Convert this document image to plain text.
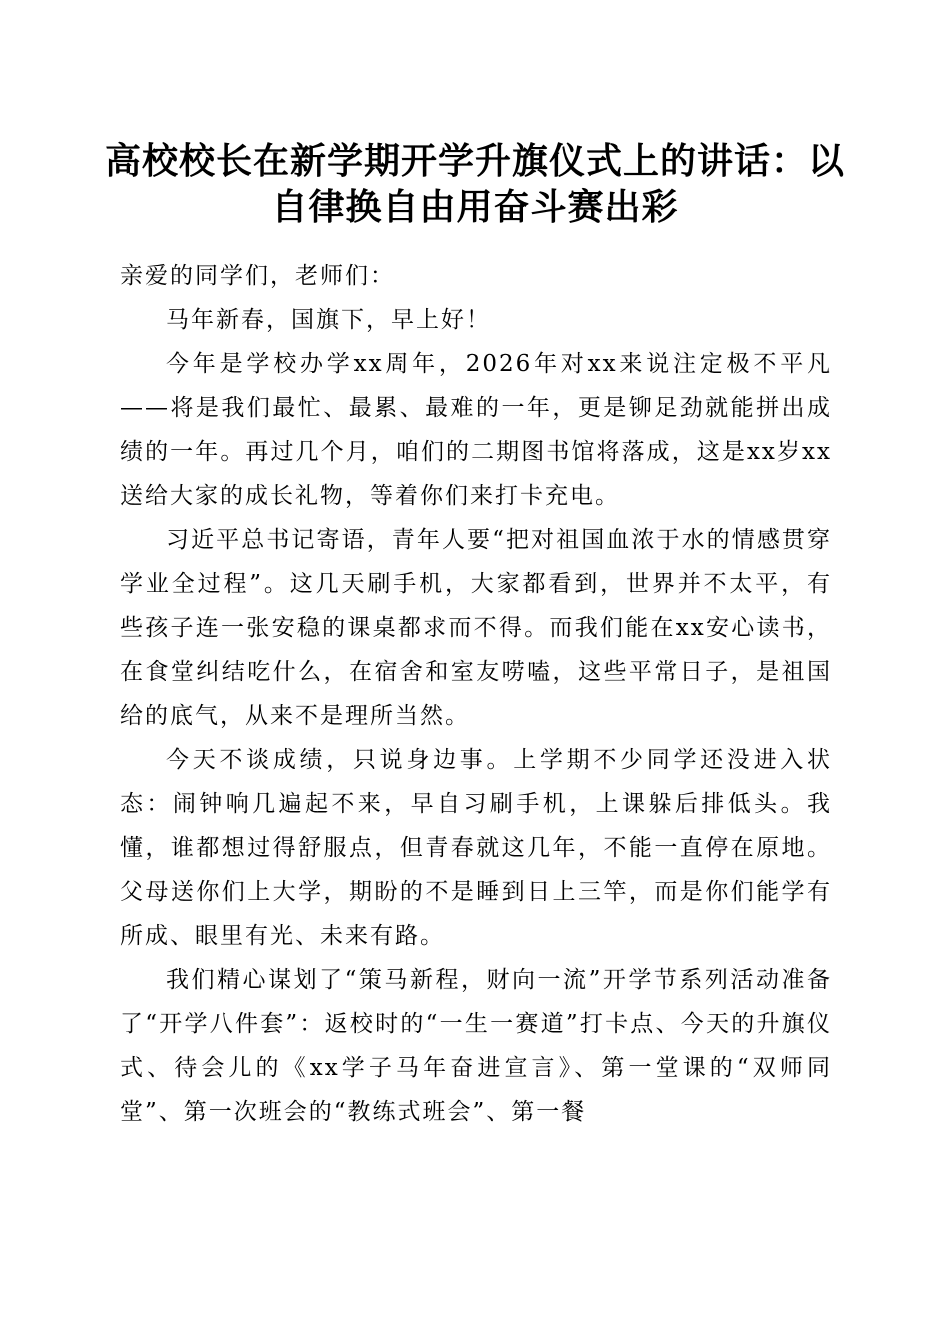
高校校长在新学期开学升旗仪式上的讲话：以
自律换自由用奋斗赛出彩

亲爱的同学们，老师们：

马年新春，国旗下，早上好！

今年是学校办学xx周年，2026年对xx来说注定极不平凡——将是我们最忙、最累、最难的一年，更是铆足劲就能拼出成绩的一年。再过几个月，咱们的二期图书馆将落成，这是xx岁xx送给大家的成长礼物，等着你们来打卡充电。

习近平总书记寄语，青年人要“把对祖国血浓于水的情感贯穿学业全过程”。这几天刷手机，大家都看到，世界并不太平，有些孩子连一张安稳的课桌都求而不得。而我们能在xx安心读书，在食堂纠结吃什么，在宿舍和室友唠嗑，这些平常日子，是祖国给的底气，从来不是理所当然。

今天不谈成绩，只说身边事。上学期不少同学还没进入状态：闹钟响几遍起不来，早自习刷手机，上课躲后排低头。我懂，谁都想过得舒服点，但青春就这几年，不能一直停在原地。父母送你们上大学，期盼的不是睡到日上三竿，而是你们能学有所成、眼里有光、未来有路。

我们精心谋划了“策马新程，财向一流”开学节系列活动准备了“开学八件套”：返校时的“一生一赛道”打卡点、今天的升旗仪式、待会儿的《xx学子马年奋进宣言》、第一堂课的“双师同堂”、第一次班会的“教练式班会”、第一餐
